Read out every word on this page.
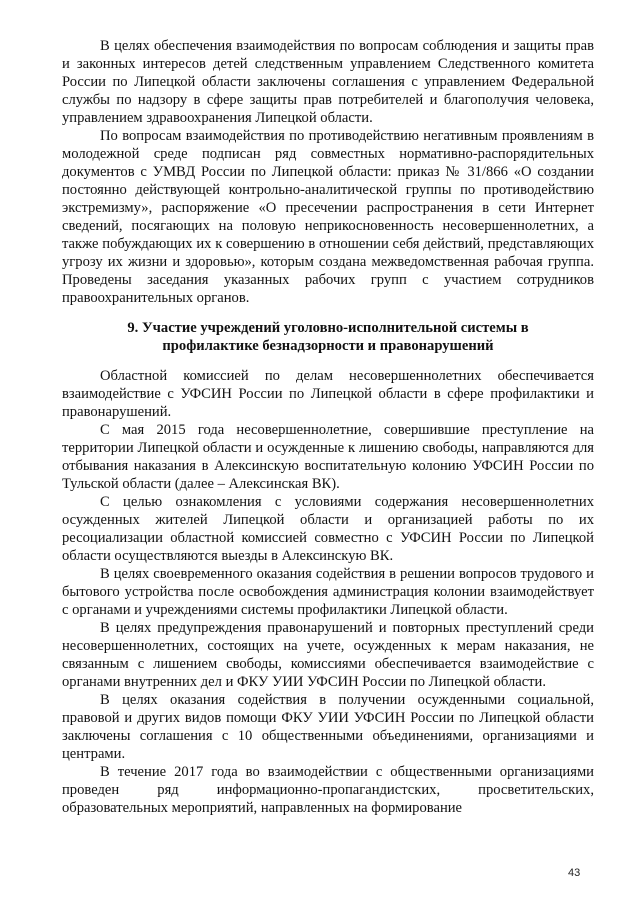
В целях обеспечения взаимодействия по вопросам соблюдения и защиты прав и законных интересов детей следственным управлением Следственного комитета России по Липецкой области заключены соглашения с управлением Федеральной службы по надзору в сфере защиты прав потребителей и благополучия человека, управлением здравоохранения Липецкой области.

По вопросам взаимодействия по противодействию негативным проявлениям в молодежной среде подписан ряд совместных нормативно-распорядительных документов с УМВД России по Липецкой области: приказ № 31/866 «О создании постоянно действующей контрольно-аналитической группы по противодействию экстремизму», распоряжение «О пресечении распространения в сети Интернет сведений, посягающих на половую неприкосновенность несовершеннолетних, а также побуждающих их к совершению в отношении себя действий, представляющих угрозу их жизни и здоровью», которым создана межведомственная рабочая группа. Проведены заседания указанных рабочих групп с участием сотрудников правоохранительных органов.

9. Участие учреждений уголовно-исполнительной системы в профилактике безнадзорности и правонарушений

Областной комиссией по делам несовершеннолетних обеспечивается взаимодействие с УФСИН России по Липецкой области в сфере профилактики и правонарушений.

С мая 2015 года несовершеннолетние, совершившие преступление на территории Липецкой области и осужденные к лишению свободы, направляются для отбывания наказания в Алексинскую воспитательную колонию УФСИН России по Тульской области (далее – Алексинская ВК).

С целью ознакомления с условиями содержания несовершеннолетних осужденных жителей Липецкой области и организацией работы по их ресоциализации областной комиссией совместно с УФСИН России по Липецкой области осуществляются выезды в Алексинскую ВК.

В целях своевременного оказания содействия в решении вопросов трудового и бытового устройства после освобождения администрация колонии взаимодействует с органами и учреждениями системы профилактики Липецкой области.

В целях предупреждения правонарушений и повторных преступлений среди несовершеннолетних, состоящих на учете, осужденных к мерам наказания, не связанным с лишением свободы, комиссиями обеспечивается взаимодействие с органами внутренних дел и ФКУ УИИ УФСИН России по Липецкой области.

В целях оказания содействия в получении осужденными социальной, правовой и других видов помощи ФКУ УИИ УФСИН России по Липецкой области заключены соглашения с 10 общественными объединениями, организациями и центрами.

В течение 2017 года во взаимодействии с общественными организациями проведен ряд информационно-пропагандистских, просветительских, образовательных мероприятий, направленных на формирование

43
